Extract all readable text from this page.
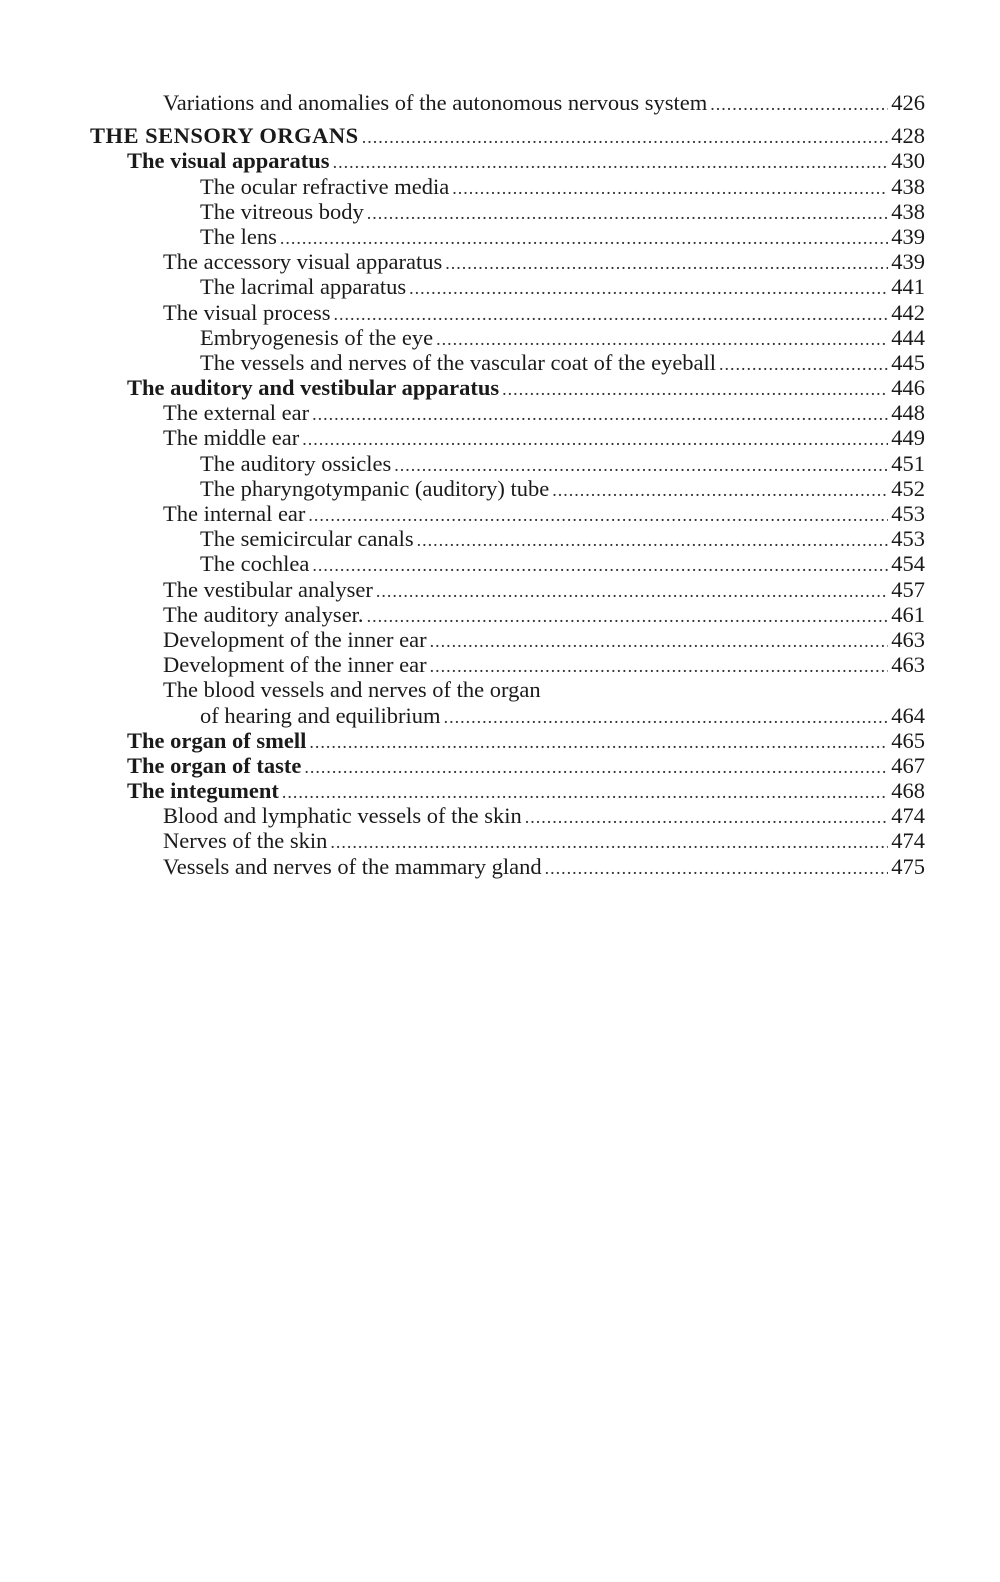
Variations and anomalies of the autonomous nervous system .....	426
THE SENSORY ORGANS .....	428
The visual apparatus .....	430
The ocular refractive media .....	438
The vitreous body .....	438
The lens .....	439
The accessory visual apparatus .....	439
The lacrimal apparatus .....	441
The visual process .....	442
Embryogenesis of the eye .....	444
The vessels and nerves of the vascular coat of the eyeball .....	445
The auditory and vestibular apparatus .....	446
The external ear .....	448
The middle ear .....	449
The auditory ossicles .....	451
The pharyngotympanic (auditory) tube .....	452
The internal ear .....	453
The semicircular canals .....	453
The cochlea .....	454
The vestibular analyser .....	457
The auditory analyser. .....	461
Development of the inner ear .....	463
Development of the inner ear .....	463
The blood vessels and nerves of the organ
of hearing and equilibrium .....	464
The organ of smell .....	465
The organ of taste .....	467
The integument .....	468
Blood and lymphatic vessels of the skin .....	474
Nerves of the skin .....	474
Vessels and nerves of the mammary gland .....	475
